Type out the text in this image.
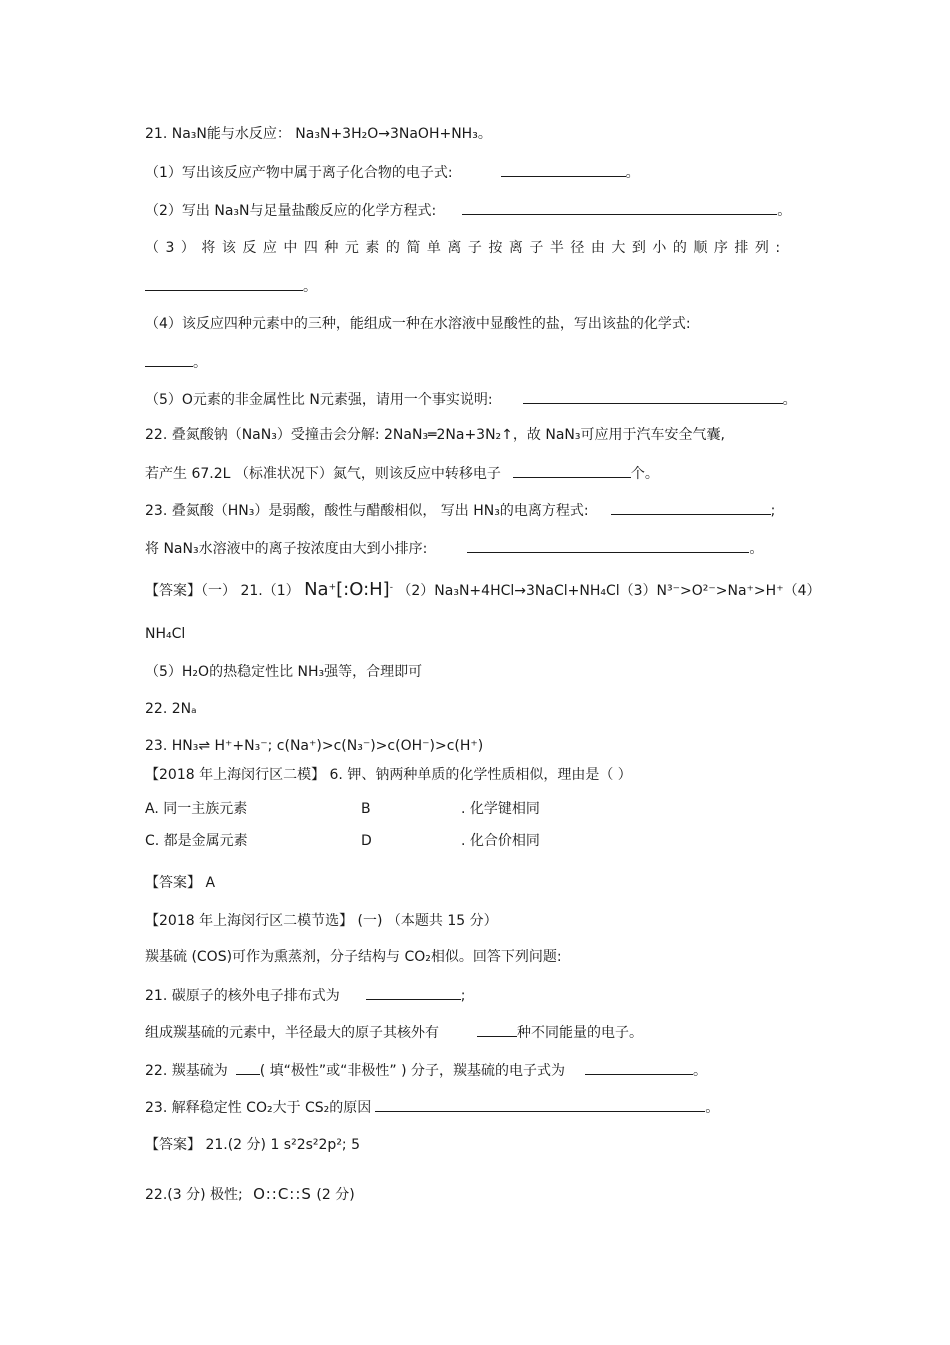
21. Na₃N能与水反应： Na₃N+3H₂O→3NaOH+NH₃。
（1）写出该反应产物中属于离子化合物的电子式:	。
（2）写出 Na₃N与足量盐酸反应的化学方程式:	。
（3）将该反应中四种元素的简单离子按离子半径由大到小的顺序排列:
。
（4）该反应四种元素中的三种，能组成一种在水溶液中显酸性的盐，写出该盐的化学式:
。
（5）O元素的非金属性比 N元素强，请用一个事实说明:	。
22. 叠氮酸钠（NaN₃）受撞击会分解: 2NaN₃═2Na+3N₂↑，故 NaN₃可应用于汽车安全气囊,
若产生 67.2L （标准状况下）氮气，则该反应中转移电子	个。
23. 叠氮酸（HN₃）是弱酸，酸性与醋酸相似， 写出 HN₃的电离方程式:	;
将 NaN₃水溶液中的离子按浓度由大到小排序:	。
【答案】（一） 21.（1） Na+[:O:H]- （2）Na₃N+4HCl→3NaCl+NH₄Cl（3）N³⁻>O²⁻>Na⁺>H⁺（4）
NH₄Cl
（5）H₂O的热稳定性比 NH₃强等，合理即可
22. 2Nₐ
23. HN₃⇌ H⁺+N₃⁻; c(Na⁺)>c(N₃⁻)>c(OH⁻)>c(H⁺)
【2018 年上海闵行区二模】 6. 钾、钠两种单质的化学性质相似，理由是（ ）
A. 同一主族元素	B	. 化学键相同
C. 都是金属元素	D	. 化合价相同
【答案】 A
【2018 年上海闵行区二模节选】 (一) （本题共 15 分）
羰基硫 (COS)可作为熏蒸剂，分子结构与 CO₂相似。回答下列问题:
21. 碳原子的核外电子排布式为	;
组成羰基硫的元素中，半径最大的原子其核外有	种不同能量的电子。
22. 羰基硫为 ( 填“极性”或“非极性” ) 分子，羰基硫的电子式为	。
23. 解释稳定性 CO₂大于 CS₂的原因	。
【答案】 21.(2 分) 1 s²2s²2p²; 5
22.(3 分) 极性; O::C::S (2 分)
